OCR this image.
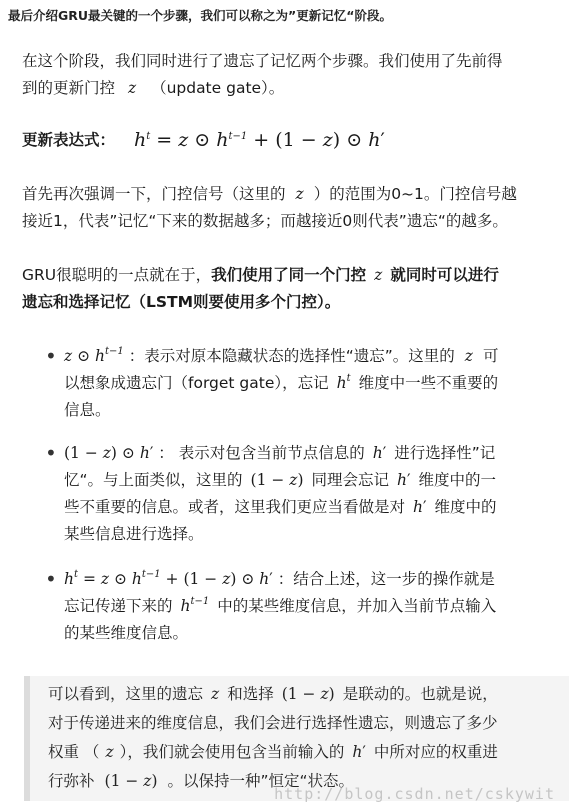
最后介绍GRU最关键的一个步骤，我们可以称之为”更新记忆“阶段。
在这个阶段，我们同时进行了遗忘了记忆两个步骤。我们使用了先前得
到的更新门控 z （update gate）。
更新表达式： $h^t = z$ ⊙ $h^{t-1} + (1 - z)$ ⊙ h′
首先再次强调一下，门控信号（这里的 z ）的范围为0~1。门控信号越
接近1，代表”记忆“下来的数据越多；而越接近0则代表”遗忘“的越多。
GRU很聪明的一点就在于，我们使用了同一个门控 z 就同时可以进行
遗忘和选择记忆（LSTM则要使用多个门控）。
• z ⊙ $h^{t-1}$ ：表示对原本隐藏状态的选择性“遗忘”。这里的 z 可
以想象成遗忘门（forget gate），忘记 $h^t$ 维度中一些不重要的
信息。
• (1 − z) ⊙ h′ ： 表示对包含当前节点信息的 h′ 进行选择性”记
忆“。与上面类似，这里的 (1 − z) 同理会忘记 h′ 维度中的一
些不重要的信息。或者，这里我们更应当看做是对 h′ 维度中的
某些信息进行选择。
• $h^t = z$ ⊙ $h^{t-1} + (1 - z)$ ⊙ h′ ：结合上述，这一步的操作就是
忘记传递下来的 $h^{t-1}$ 中的某些维度信息，并加入当前节点输入
的某些维度信息。
可以看到，这里的遗忘 z 和选择 (1 − z) 是联动的。也就是说，
对于传递进来的维度信息，我们会进行选择性遗忘，则遗忘了多少
权重 （ z ），我们就会使用包含当前输入的 h′ 中所对应的权重进
行弥补 (1 − z) 。以保持一种”恒定“状态。
http://blog.csdn.net/cskywit
